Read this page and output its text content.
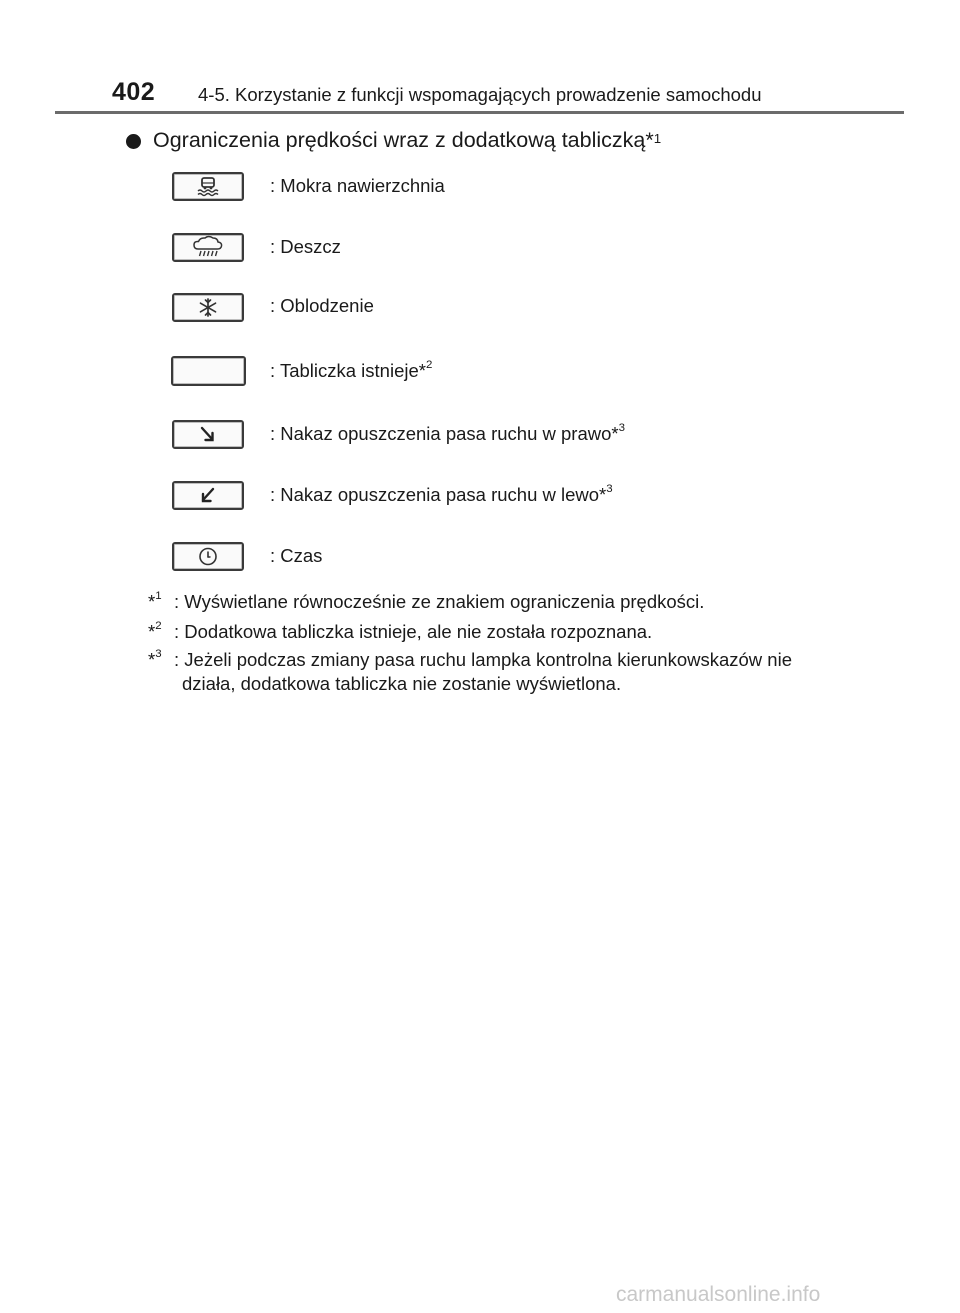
402 4-5. Korzystanie z funkcji wspomagających prowadzenie samochodu
Ograniczenia prędkości wraz z dodatkową tabliczką*$^1$
: Mokra nawierzchnia
: Deszcz
: Oblodzenie
: Tabliczka istnieje*$^2$
: Nakaz opuszczenia pasa ruchu w prawo*$^3$
: Nakaz opuszczenia pasa ruchu w lewo*$^3$
: Czas
*$^1$ : Wyświetlane równocześnie ze znakiem ograniczenia prędkości.
*$^2$ : Dodatkowa tabliczka istnieje, ale nie została rozpoznana.
*$^3$ : Jeżeli podczas zmiany pasa ruchu lampka kontrolna kierunkowskazów nie
działa, dodatkowa tabliczka nie zostanie wyświetlona.
carmanualsonline.info
